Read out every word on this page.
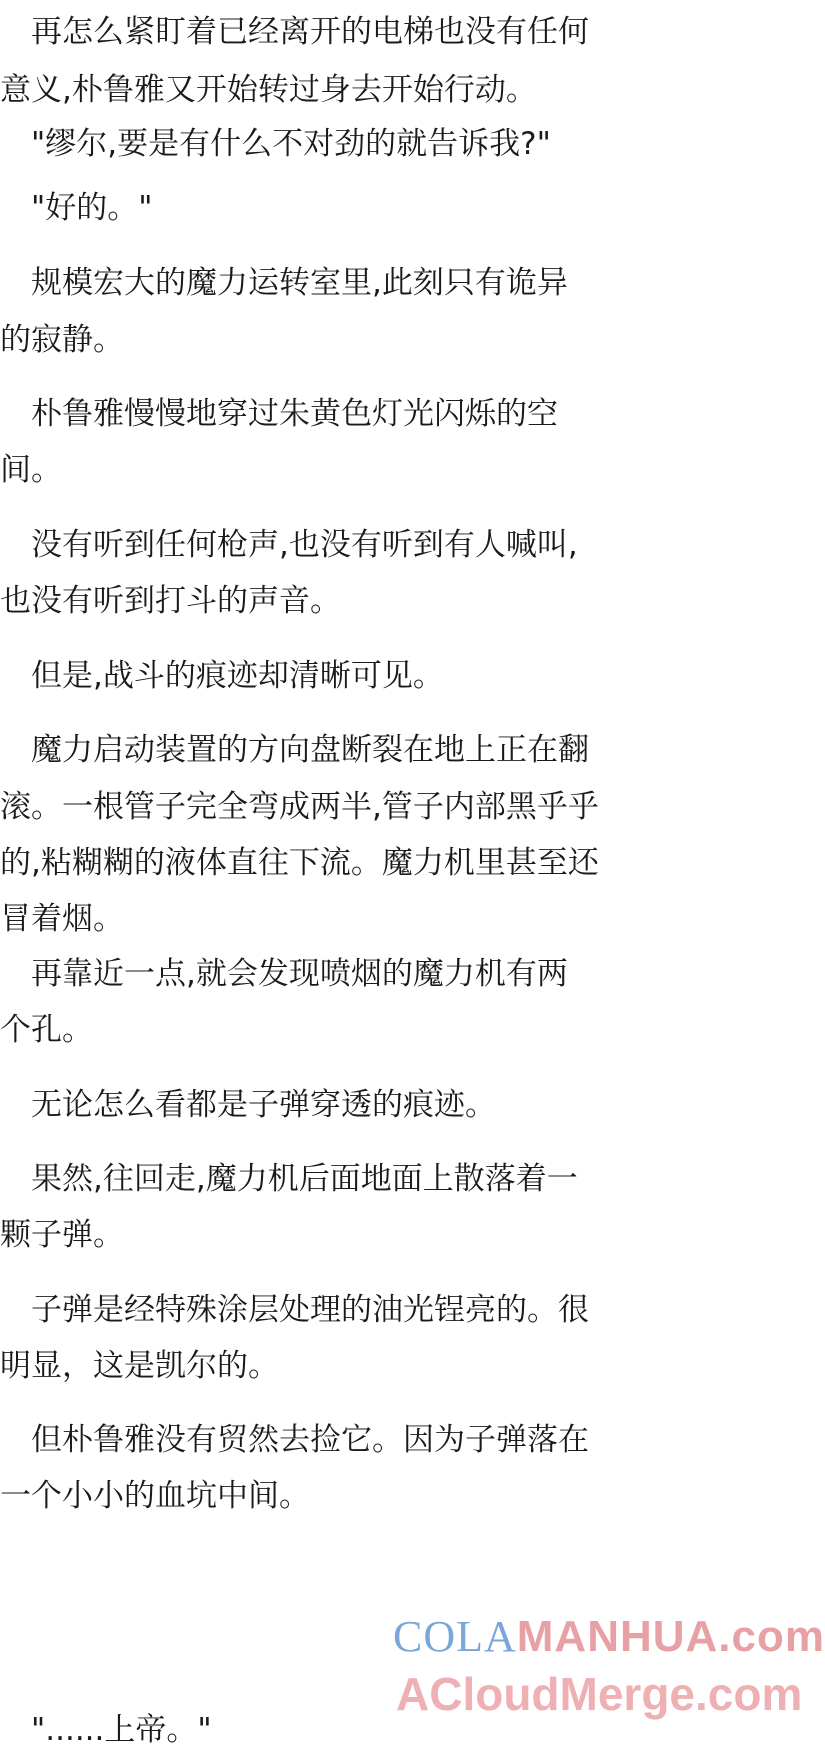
　再怎么紧盯着已经离开的电梯也没有任何
意义,朴鲁雅又开始转过身去开始行动。
　"缪尔,要是有什么不对劲的就告诉我?"
　"好的。"
　规模宏大的魔力运转室里,此刻只有诡异
的寂静。
　朴鲁雅慢慢地穿过朱黄色灯光闪烁的空
间。
　没有听到任何枪声,也没有听到有人喊叫,
也没有听到打斗的声音。
　但是,战斗的痕迹却清晰可见。
　魔力启动装置的方向盘断裂在地上正在翻
滚。一根管子完全弯成两半,管子内部黑乎乎
的,粘糊糊的液体直往下流。魔力机里甚至还
冒着烟。
　再靠近一点,就会发现喷烟的魔力机有两
个孔。
　无论怎么看都是子弹穿透的痕迹。
　果然,往回走,魔力机后面地面上散落着一
颗子弹。
　子弹是经特殊涂层处理的油光锃亮的。很
明显，这是凯尔的。
　但朴鲁雅没有贸然去捡它。因为子弹落在
一个小小的血坑中间。
　"......上帝。"
COLAMANHUA.com
ACloudMerge.com
